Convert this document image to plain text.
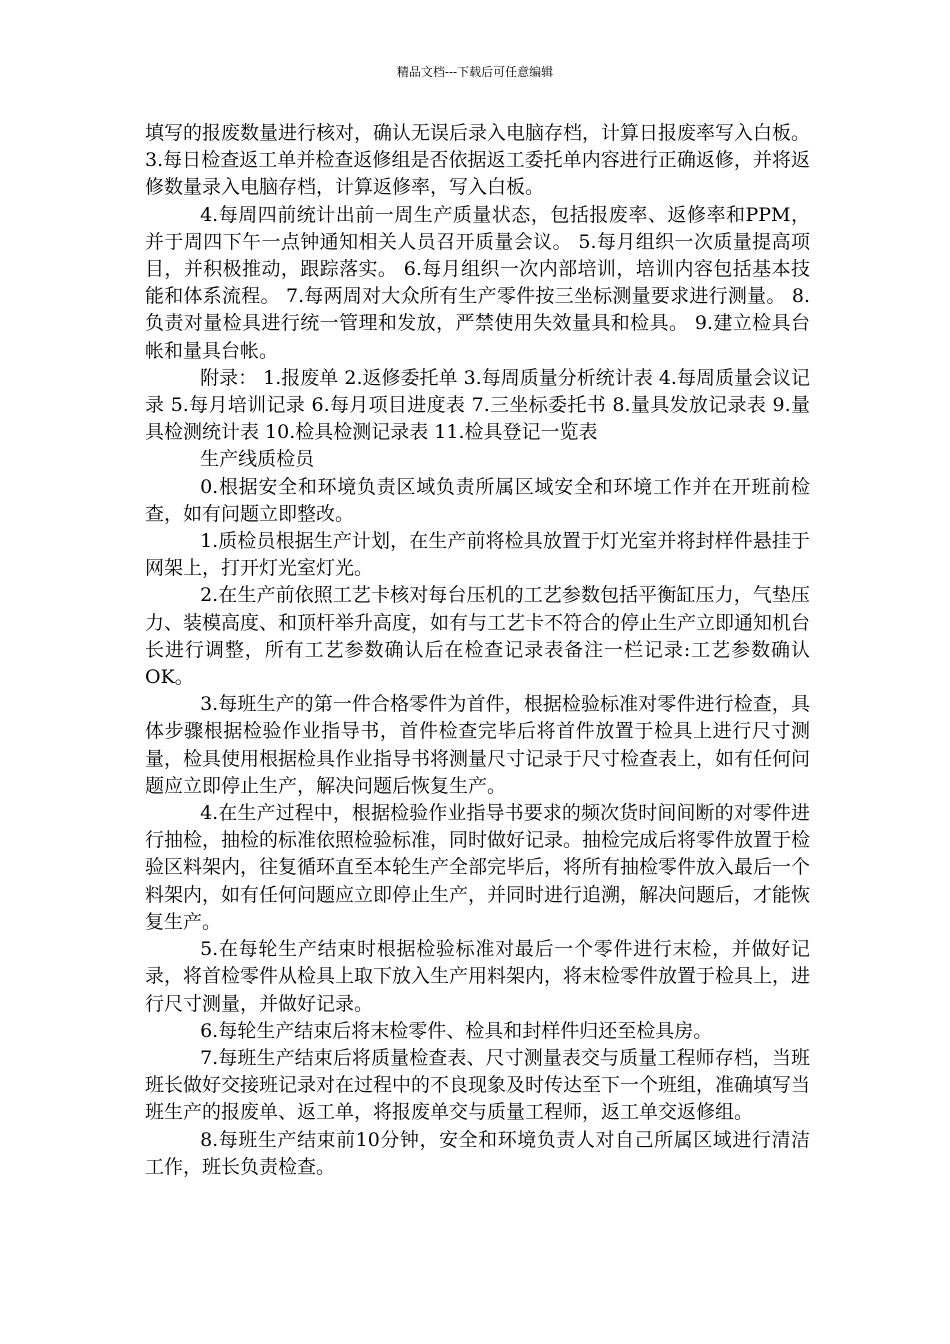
精品文档---下载后可任意编辑

填写的报废数量进行核对，确认无误后录入电脑存档，计算日报废率写入白板。 3.每日检查返工单并检查返修组是否依据返工委托单内容进行正确返修，并将返修数量录入电脑存档，计算返修率，写入白板。

4.每周四前统计出前一周生产质量状态，包括报废率、返修率和PPM，并于周四下午一点钟通知相关人员召开质量会议。 5.每月组织一次质量提高项目，并积极推动，跟踪落实。 6.每月组织一次内部培训，培训内容包括基本技能和体系流程。 7.每两周对大众所有生产零件按三坐标测量要求进行测量。 8.负责对量检具进行统一管理和发放，严禁使用失效量具和检具。 9.建立检具台帐和量具台帐。

附录： 1.报废单 2.返修委托单 3.每周质量分析统计表 4.每周质量会议记录 5.每月培训记录 6.每月项目进度表 7.三坐标委托书 8.量具发放记录表 9.量具检测统计表 10.检具检测记录表 11.检具登记一览表

生产线质检员

0.根据安全和环境负责区域负责所属区域安全和环境工作并在开班前检查，如有问题立即整改。

1.质检员根据生产计划，在生产前将检具放置于灯光室并将封样件悬挂于网架上，打开灯光室灯光。

2.在生产前依照工艺卡核对每台压机的工艺参数包括平衡缸压力，气垫压力、装模高度、和顶杆举升高度，如有与工艺卡不符合的停止生产立即通知机台长进行调整，所有工艺参数确认后在检查记录表备注一栏记录:工艺参数确认OK。

3.每班生产的第一件合格零件为首件，根据检验标准对零件进行检查，具体步骤根据检验作业指导书，首件检查完毕后将首件放置于检具上进行尺寸测量，检具使用根据检具作业指导书将测量尺寸记录于尺寸检查表上，如有任何问题应立即停止生产，解决问题后恢复生产。

4.在生产过程中，根据检验作业指导书要求的频次货时间间断的对零件进行抽检，抽检的标准依照检验标准，同时做好记录。抽检完成后将零件放置于检验区料架内，往复循环直至本轮生产全部完毕后，将所有抽检零件放入最后一个料架内，如有任何问题应立即停止生产，并同时进行追溯，解决问题后，才能恢复生产。

5.在每轮生产结束时根据检验标准对最后一个零件进行末检，并做好记录，将首检零件从检具上取下放入生产用料架内，将末检零件放置于检具上，进行尺寸测量，并做好记录。

6.每轮生产结束后将末检零件、检具和封样件归还至检具房。

7.每班生产结束后将质量检查表、尺寸测量表交与质量工程师存档，当班班长做好交接班记录对在过程中的不良现象及时传达至下一个班组，准确填写当班生产的报废单、返工单，将报废单交与质量工程师，返工单交返修组。

8.每班生产结束前10分钟，安全和环境负责人对自己所属区域进行清洁工作，班长负责检查。
